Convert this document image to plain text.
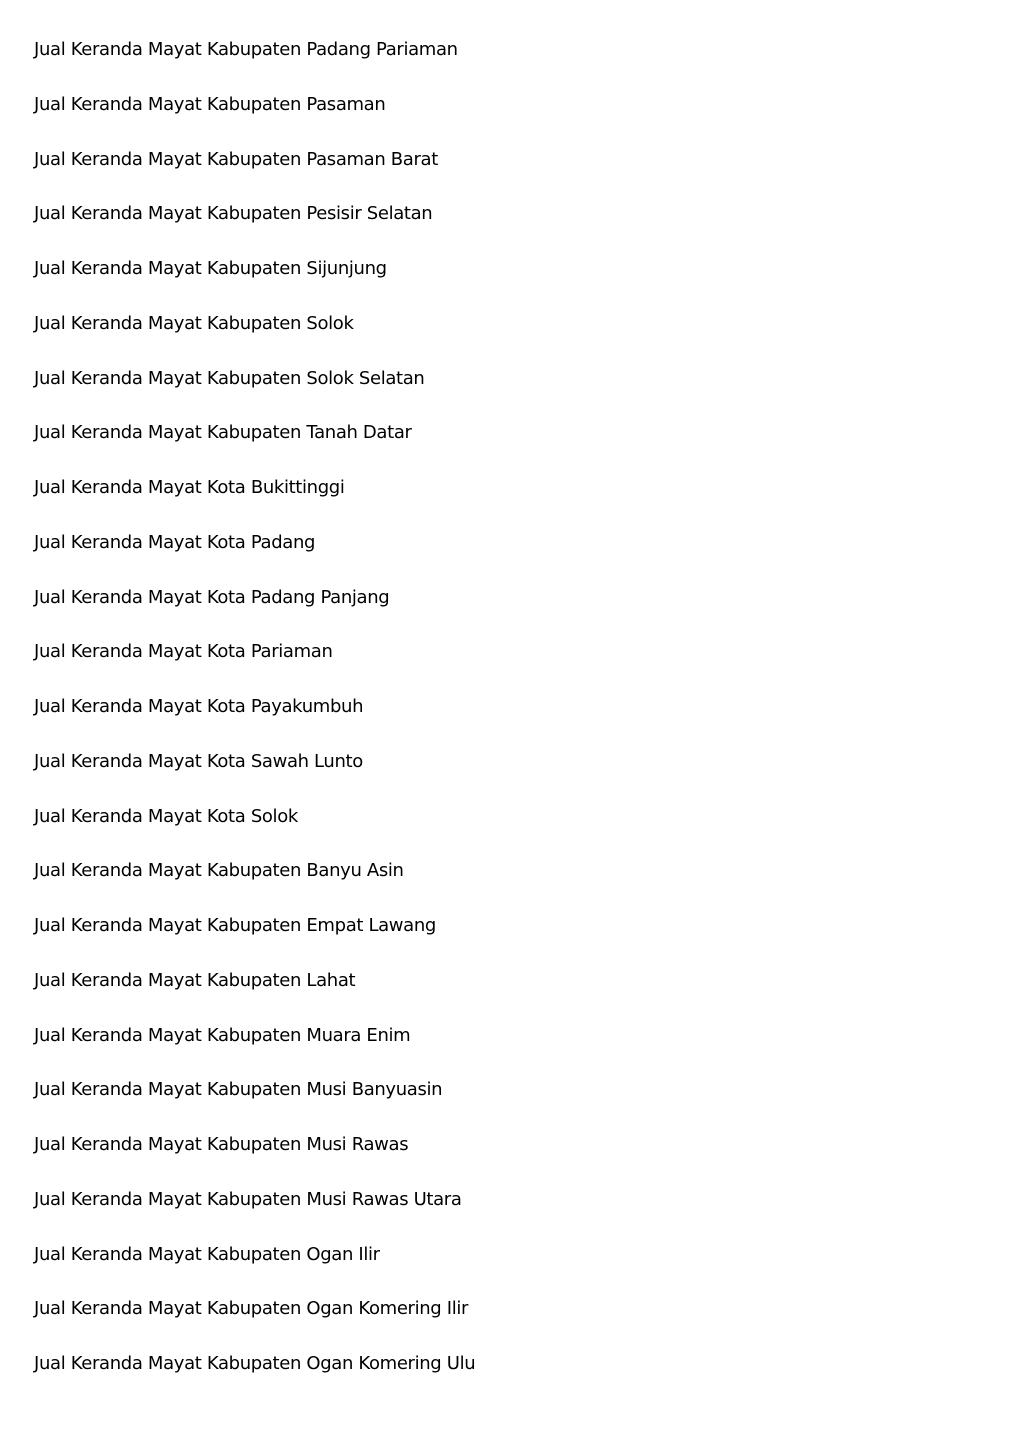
Jual Keranda Mayat Kabupaten Padang Pariaman
Jual Keranda Mayat Kabupaten Pasaman
Jual Keranda Mayat Kabupaten Pasaman Barat
Jual Keranda Mayat Kabupaten Pesisir Selatan
Jual Keranda Mayat Kabupaten Sijunjung
Jual Keranda Mayat Kabupaten Solok
Jual Keranda Mayat Kabupaten Solok Selatan
Jual Keranda Mayat Kabupaten Tanah Datar
Jual Keranda Mayat Kota Bukittinggi
Jual Keranda Mayat Kota Padang
Jual Keranda Mayat Kota Padang Panjang
Jual Keranda Mayat Kota Pariaman
Jual Keranda Mayat Kota Payakumbuh
Jual Keranda Mayat Kota Sawah Lunto
Jual Keranda Mayat Kota Solok
Jual Keranda Mayat Kabupaten Banyu Asin
Jual Keranda Mayat Kabupaten Empat Lawang
Jual Keranda Mayat Kabupaten Lahat
Jual Keranda Mayat Kabupaten Muara Enim
Jual Keranda Mayat Kabupaten Musi Banyuasin
Jual Keranda Mayat Kabupaten Musi Rawas
Jual Keranda Mayat Kabupaten Musi Rawas Utara
Jual Keranda Mayat Kabupaten Ogan Ilir
Jual Keranda Mayat Kabupaten Ogan Komering Ilir
Jual Keranda Mayat Kabupaten Ogan Komering Ulu
